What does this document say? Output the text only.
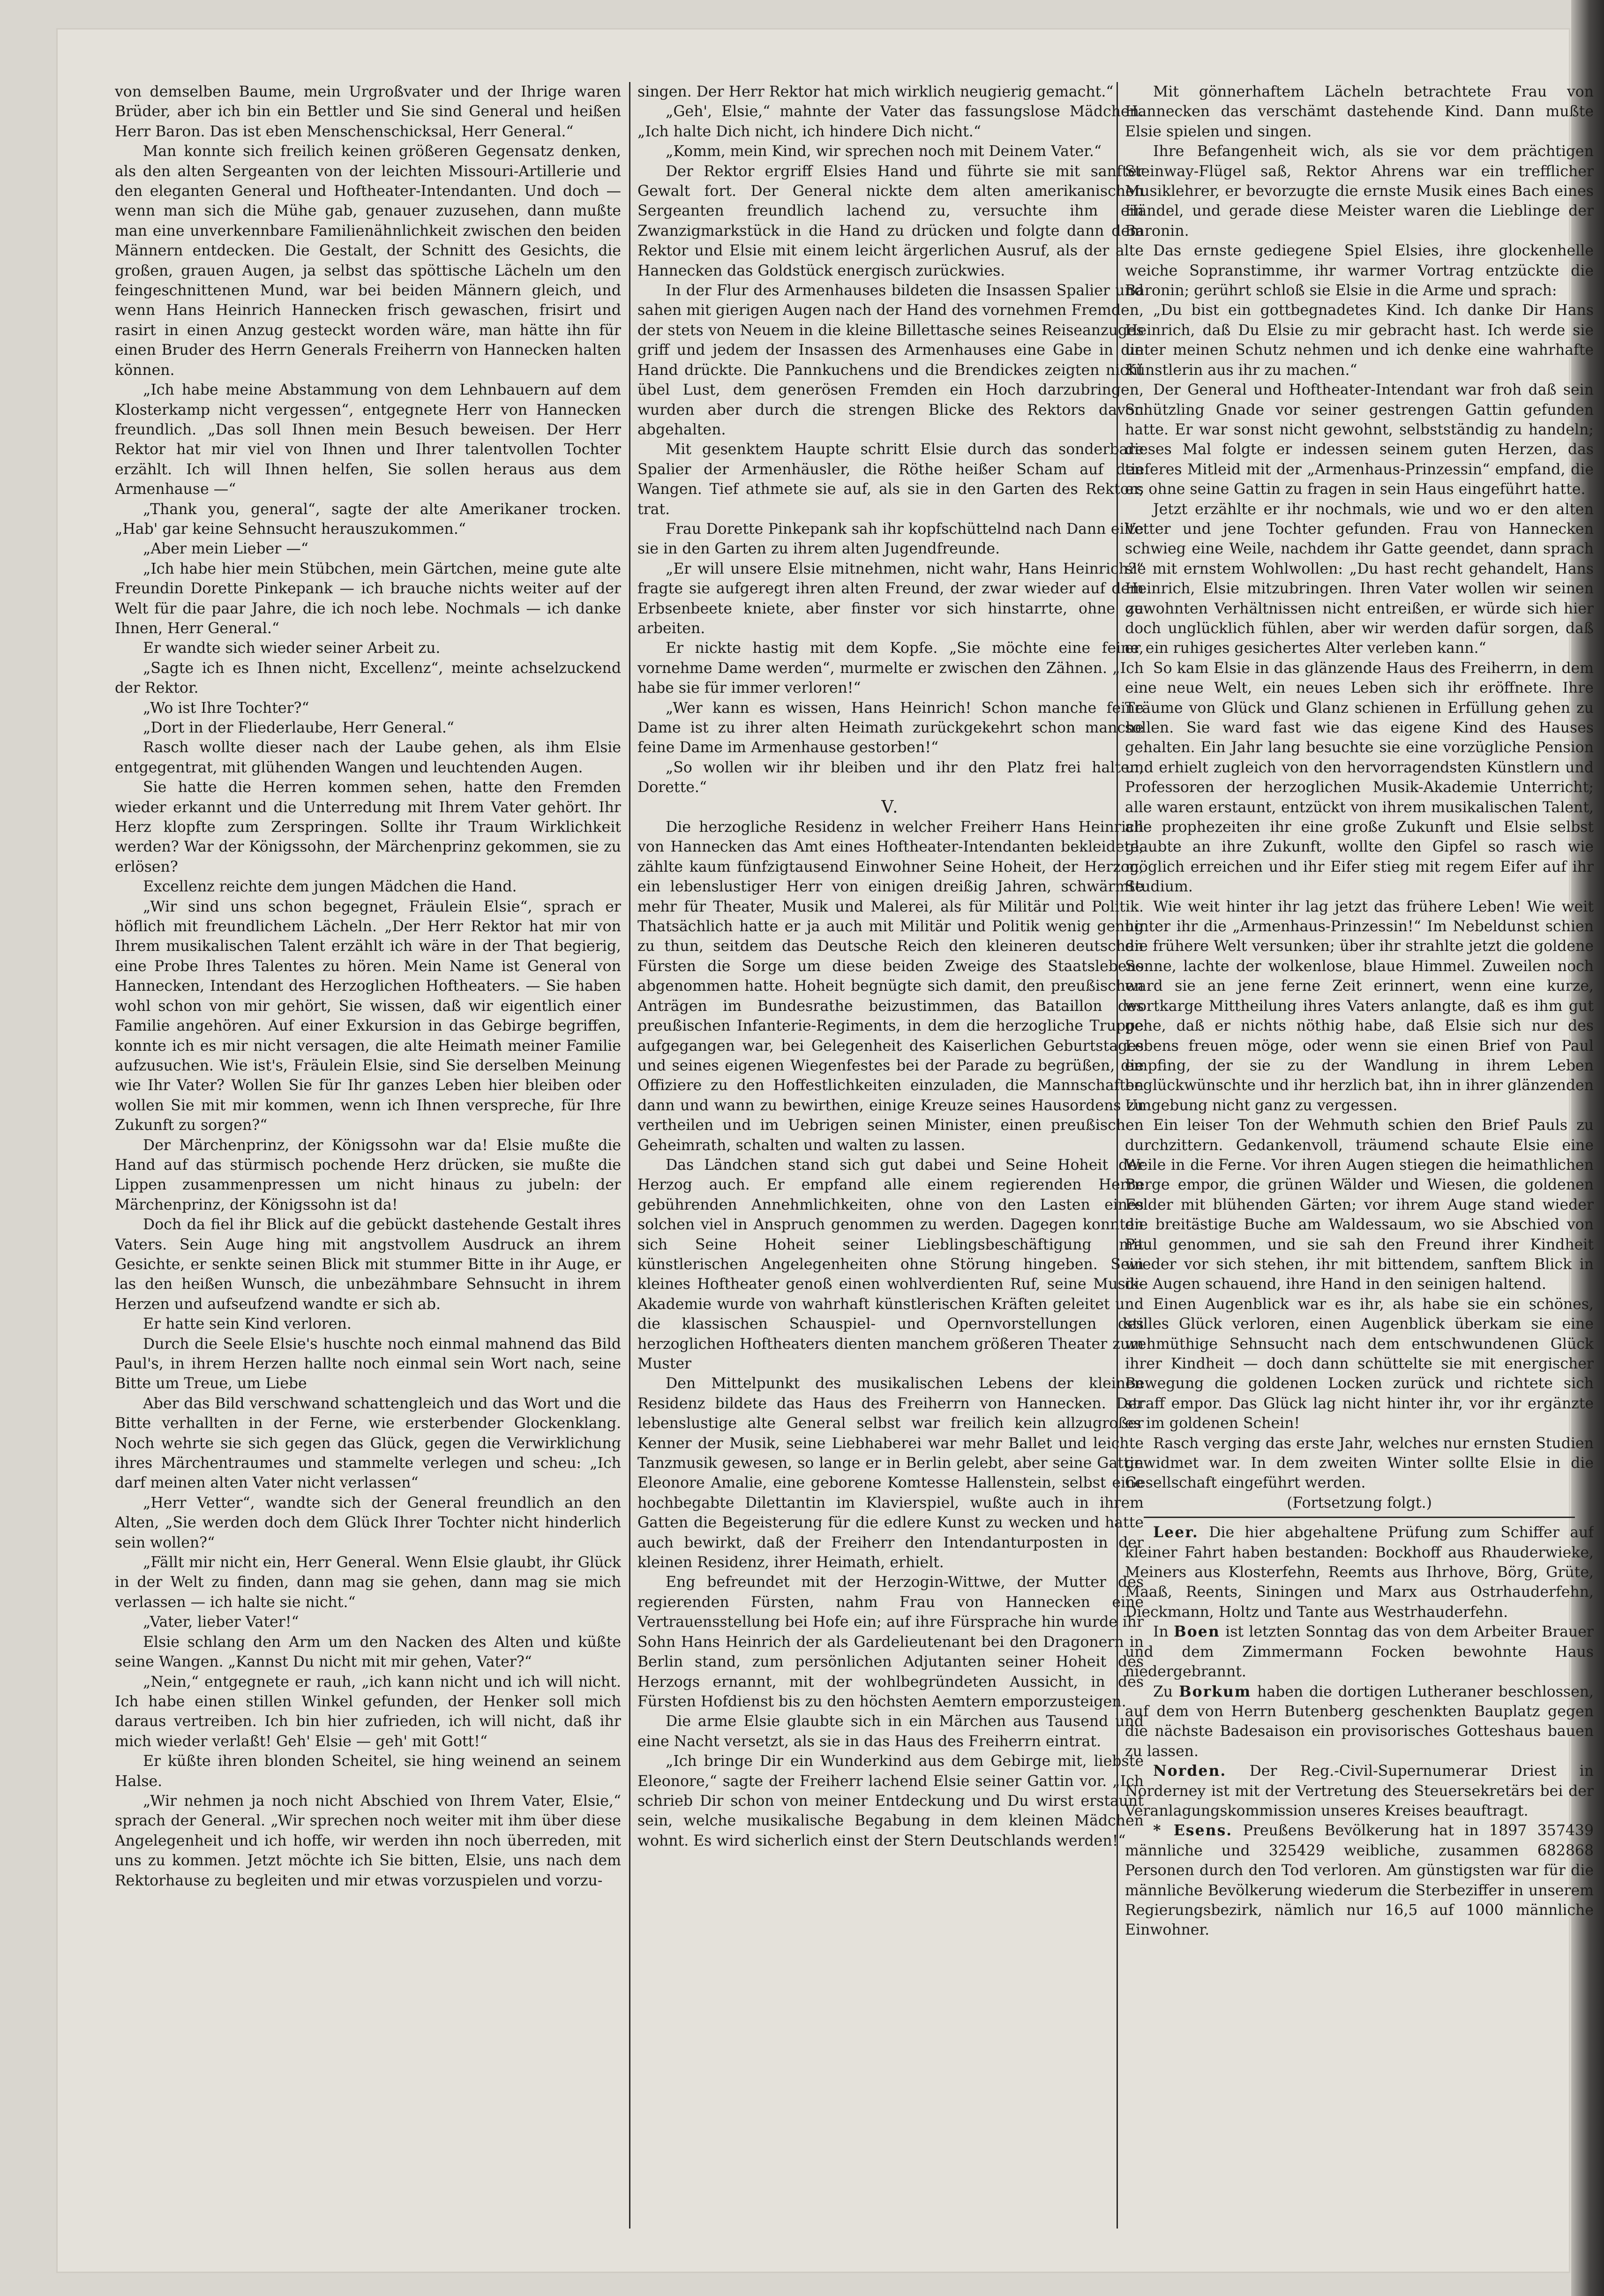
von demselben Baume, mein Urgroßvater und der Ihrige waren Brüder, aber ich bin ein Bettler und Sie sind General und heißen Herr Baron. Das ist eben Menschenschicksal, Herr General.“

Man konnte sich freilich keinen größeren Gegensatz denken, als den alten Sergeanten von der leichten Missouri-Artillerie und den eleganten General und Hoftheater-Intendanten. Und doch — wenn man sich die Mühe gab, genauer zuzusehen, dann mußte man eine unverkennbare Familienähnlichkeit zwischen den beiden Männern entdecken. Die Gestalt, der Schnitt des Gesichts, die großen, grauen Augen, ja selbst das spöttische Lächeln um den feingeschnittenen Mund, war bei beiden Männern gleich, und wenn Hans Heinrich Hannecken frisch gewaschen, frisirt und rasirt in einen Anzug gesteckt worden wäre, man hätte ihn für einen Bruder des Herrn Generals Freiherrn von Hannecken halten können.

„Ich habe meine Abstammung von dem Lehnbauern auf dem Klosterkamp nicht vergessen“, entgegnete Herr von Hannecken freundlich. „Das soll Ihnen mein Besuch beweisen. Der Herr Rektor hat mir viel von Ihnen und Ihrer talentvollen Tochter erzählt. Ich will Ihnen helfen, Sie sollen heraus aus dem Armenhause —“

„Thank you, general“, sagte der alte Amerikaner trocken. „Hab' gar keine Sehnsucht herauszukommen.“

„Aber mein Lieber —“

„Ich habe hier mein Stübchen, mein Gärtchen, meine gute alte Freundin Dorette Pinkepank — ich brauche nichts weiter auf der Welt für die paar Jahre, die ich noch lebe. Nochmals — ich danke Ihnen, Herr General.“

Er wandte sich wieder seiner Arbeit zu.

„Sagte ich es Ihnen nicht, Excellenz“, meinte achselzuckend der Rektor.

„Wo ist Ihre Tochter?“

„Dort in der Fliederlaube, Herr General.“

Rasch wollte dieser nach der Laube gehen, als ihm Elsie entgegentrat, mit glühenden Wangen und leuchtenden Augen.

Sie hatte die Herren kommen sehen, hatte den Fremden wieder erkannt und die Unterredung mit Ihrem Vater gehört. Ihr Herz klopfte zum Zerspringen. Sollte ihr Traum Wirklichkeit werden? War der Königssohn, der Märchenprinz gekommen, sie zu erlösen?

Excellenz reichte dem jungen Mädchen die Hand.

„Wir sind uns schon begegnet, Fräulein Elsie“, sprach er höflich mit freundlichem Lächeln. „Der Herr Rektor hat mir von Ihrem musikalischen Talent erzählt ich wäre in der That begierig, eine Probe Ihres Talentes zu hören. Mein Name ist General von Hannecken, Intendant des Herzoglichen Hoftheaters. — Sie haben wohl schon von mir gehört, Sie wissen, daß wir eigentlich einer Familie angehören. Auf einer Exkursion in das Gebirge begriffen, konnte ich es mir nicht versagen, die alte Heimath meiner Familie aufzusuchen. Wie ist's, Fräulein Elsie, sind Sie derselben Meinung wie Ihr Vater? Wollen Sie für Ihr ganzes Leben hier bleiben oder wollen Sie mit mir kommen, wenn ich Ihnen verspreche, für Ihre Zukunft zu sorgen?“

Der Märchenprinz, der Königssohn war da! Elsie mußte die Hand auf das stürmisch pochende Herz drücken, sie mußte die Lippen zusammenpressen um nicht hinaus zu jubeln: der Märchenprinz, der Königssohn ist da!

Doch da fiel ihr Blick auf die gebückt dastehende Gestalt ihres Vaters. Sein Auge hing mit angstvollem Ausdruck an ihrem Gesichte, er senkte seinen Blick mit stummer Bitte in ihr Auge, er las den heißen Wunsch, die unbezähmbare Sehnsucht in ihrem Herzen und aufseufzend wandte er sich ab.

Er hatte sein Kind verloren.

Durch die Seele Elsie's huschte noch einmal mahnend das Bild Paul's, in ihrem Herzen hallte noch einmal sein Wort nach, seine Bitte um Treue, um Liebe

Aber das Bild verschwand schattengleich und das Wort und die Bitte verhallten in der Ferne, wie ersterbender Glockenklang. Noch wehrte sie sich gegen das Glück, gegen die Verwirklichung ihres Märchentraumes und stammelte verlegen und scheu: „Ich darf meinen alten Vater nicht verlassen“

„Herr Vetter“, wandte sich der General freundlich an den Alten, „Sie werden doch dem Glück Ihrer Tochter nicht hinderlich sein wollen?“

„Fällt mir nicht ein, Herr General. Wenn Elsie glaubt, ihr Glück in der Welt zu finden, dann mag sie gehen, dann mag sie mich verlassen — ich halte sie nicht.“

„Vater, lieber Vater!“

Elsie schlang den Arm um den Nacken des Alten und küßte seine Wangen. „Kannst Du nicht mit mir gehen, Vater?“

„Nein,“ entgegnete er rauh, „ich kann nicht und ich will nicht. Ich habe einen stillen Winkel gefunden, der Henker soll mich daraus vertreiben. Ich bin hier zufrieden, ich will nicht, daß ihr mich wieder verlaßt! Geh' Elsie — geh' mit Gott!“

Er küßte ihren blonden Scheitel, sie hing weinend an seinem Halse.

„Wir nehmen ja noch nicht Abschied von Ihrem Vater, Elsie,“ sprach der General. „Wir sprechen noch weiter mit ihm über diese Angelegenheit und ich hoffe, wir werden ihn noch überreden, mit uns zu kommen. Jetzt möchte ich Sie bitten, Elsie, uns nach dem Rektorhause zu begleiten und mir etwas vorzuspielen und vorzu-

singen. Der Herr Rektor hat mich wirklich neugierig gemacht.“

„Geh', Elsie,“ mahnte der Vater das fassungslose Mädchen. „Ich halte Dich nicht, ich hindere Dich nicht.“

„Komm, mein Kind, wir sprechen noch mit Deinem Vater.“

Der Rektor ergriff Elsies Hand und führte sie mit sanfter Gewalt fort. Der General nickte dem alten amerikanischen Sergeanten freundlich lachend zu, versuchte ihm ein Zwanzigmarkstück in die Hand zu drücken und folgte dann dem Rektor und Elsie mit einem leicht ärgerlichen Ausruf, als der alte Hannecken das Goldstück energisch zurückwies.

In der Flur des Armenhauses bildeten die Insassen Spalier und sahen mit gierigen Augen nach der Hand des vornehmen Fremden, der stets von Neuem in die kleine Billettasche seines Reiseanzuges griff und jedem der Insassen des Armenhauses eine Gabe in die Hand drückte. Die Pannkuchens und die Brendickes zeigten nicht übel Lust, dem generösen Fremden ein Hoch darzubringen, wurden aber durch die strengen Blicke des Rektors davon abgehalten.

Mit gesenktem Haupte schritt Elsie durch das sonderbare Spalier der Armenhäusler, die Röthe heißer Scham auf den Wangen. Tief athmete sie auf, als sie in den Garten des Rektors trat.

Frau Dorette Pinkepank sah ihr kopfschüttelnd nach Dann eilte sie in den Garten zu ihrem alten Jugendfreunde.

„Er will unsere Elsie mitnehmen, nicht wahr, Hans Heinrich?“ fragte sie aufgeregt ihren alten Freund, der zwar wieder auf dem Erbsenbeete kniete, aber finster vor sich hinstarrte, ohne zu arbeiten.

Er nickte hastig mit dem Kopfe. „Sie möchte eine feine, vornehme Dame werden“, murmelte er zwischen den Zähnen. „Ich habe sie für immer verloren!“

„Wer kann es wissen, Hans Heinrich! Schon manche feine Dame ist zu ihrer alten Heimath zurückgekehrt schon manche feine Dame im Armenhause gestorben!“

„So wollen wir ihr bleiben und ihr den Platz frei halten, Dorette.“

V.

Die herzogliche Residenz in welcher Freiherr Hans Heinrich von Hannecken das Amt eines Hoftheater-Intendanten bekleidete, zählte kaum fünfzigtausend Einwohner Seine Hoheit, der Herzog, ein lebenslustiger Herr von einigen dreißig Jahren, schwärmte mehr für Theater, Musik und Malerei, als für Militär und Politik. Thatsächlich hatte er ja auch mit Militär und Politik wenig genug zu thun, seitdem das Deutsche Reich den kleineren deutschen Fürsten die Sorge um diese beiden Zweige des Staatslebens abgenommen hatte. Hoheit begnügte sich damit, den preußischen Anträgen im Bundesrathe beizustimmen, das Bataillon des preußischen Infanterie-Regiments, in dem die herzogliche Truppe aufgegangen war, bei Gelegenheit des Kaiserlichen Geburtstages und seines eigenen Wiegenfestes bei der Parade zu begrüßen, die Offiziere zu den Hoffestlichkeiten einzuladen, die Mannschaften dann und wann zu bewirthen, einige Kreuze seines Hausordens zu vertheilen und im Uebrigen seinen Minister, einen preußischen Geheimrath, schalten und walten zu lassen.

Das Ländchen stand sich gut dabei und Seine Hoheit der Herzog auch. Er empfand alle einem regierenden Herrn gebührenden Annehmlichkeiten, ohne von den Lasten eines solchen viel in Anspruch genommen zu werden. Dagegen konnten sich Seine Hoheit seiner Lieblingsbeschäftigung mit künstlerischen Angelegenheiten ohne Störung hingeben. Sein kleines Hoftheater genoß einen wohlverdienten Ruf, seine Musik-Akademie wurde von wahrhaft künstlerischen Kräften geleitet und die klassischen Schauspiel- und Opernvorstellungen des herzoglichen Hoftheaters dienten manchem größeren Theater zum Muster

Den Mittelpunkt des musikalischen Lebens der kleinen Residenz bildete das Haus des Freiherrn von Hannecken. Der lebenslustige alte General selbst war freilich kein allzugroßer Kenner der Musik, seine Liebhaberei war mehr Ballet und leichte Tanzmusik gewesen, so lange er in Berlin gelebt, aber seine Gattin Eleonore Amalie, eine geborene Komtesse Hallenstein, selbst eine hochbegabte Dilettantin im Klavierspiel, wußte auch in ihrem Gatten die Begeisterung für die edlere Kunst zu wecken und hatte auch bewirkt, daß der Freiherr den Intendanturposten in der kleinen Residenz, ihrer Heimath, erhielt.

Eng befreundet mit der Herzogin-Wittwe, der Mutter des regierenden Fürsten, nahm Frau von Hannecken eine Vertrauensstellung bei Hofe ein; auf ihre Fürsprache hin wurde ihr Sohn Hans Heinrich der als Gardelieutenant bei den Dragonern in Berlin stand, zum persönlichen Adjutanten seiner Hoheit des Herzogs ernannt, mit der wohlbegründeten Aussicht, in des Fürsten Hofdienst bis zu den höchsten Aemtern emporzusteigen.

Die arme Elsie glaubte sich in ein Märchen aus Tausend und eine Nacht versetzt, als sie in das Haus des Freiherrn eintrat.

„Ich bringe Dir ein Wunderkind aus dem Gebirge mit, liebste Eleonore,“ sagte der Freiherr lachend Elsie seiner Gattin vor. „Ich schrieb Dir schon von meiner Entdeckung und Du wirst erstaunt sein, welche musikalische Begabung in dem kleinen Mädchen wohnt. Es wird sicherlich einst der Stern Deutschlands werden!“

Mit gönnerhaftem Lächeln betrachtete Frau von Hannecken das verschämt dastehende Kind. Dann mußte Elsie spielen und singen.

Ihre Befangenheit wich, als sie vor dem prächtigen Steinway-Flügel saß, Rektor Ahrens war ein trefflicher Musiklehrer, er bevorzugte die ernste Musik eines Bach eines Händel, und gerade diese Meister waren die Lieblinge der Baronin.

Das ernste gediegene Spiel Elsies, ihre glockenhelle weiche Sopranstimme, ihr warmer Vortrag entzückte die Baronin; gerührt schloß sie Elsie in die Arme und sprach:

„Du bist ein gottbegnadetes Kind. Ich danke Dir Hans Heinrich, daß Du Elsie zu mir gebracht hast. Ich werde sie unter meinen Schutz nehmen und ich denke eine wahrhafte Künstlerin aus ihr zu machen.“

Der General und Hoftheater-Intendant war froh daß sein Schützling Gnade vor seiner gestrengen Gattin gefunden hatte. Er war sonst nicht gewohnt, selbstständig zu handeln; dieses Mal folgte er indessen seinem guten Herzen, das tieferes Mitleid mit der „Armenhaus-Prinzessin“ empfand, die er, ohne seine Gattin zu fragen in sein Haus eingeführt hatte.

Jetzt erzählte er ihr nochmals, wie und wo er den alten Vetter und jene Tochter gefunden. Frau von Hannecken schwieg eine Weile, nachdem ihr Gatte geendet, dann sprach sie mit ernstem Wohlwollen: „Du hast recht gehandelt, Hans Heinrich, Elsie mitzubringen. Ihren Vater wollen wir seinen gewohnten Verhältnissen nicht entreißen, er würde sich hier doch unglücklich fühlen, aber wir werden dafür sorgen, daß er ein ruhiges gesichertes Alter verleben kann.“

So kam Elsie in das glänzende Haus des Freiherrn, in dem eine neue Welt, ein neues Leben sich ihr eröffnete. Ihre Träume von Glück und Glanz schienen in Erfüllung gehen zu sollen. Sie ward fast wie das eigene Kind des Hauses gehalten. Ein Jahr lang besuchte sie eine vorzügliche Pension und erhielt zugleich von den hervorragendsten Künstlern und Professoren der herzoglichen Musik-Akademie Unterricht; alle waren erstaunt, entzückt von ihrem musikalischen Talent, alle prophezeiten ihr eine große Zukunft und Elsie selbst glaubte an ihre Zukunft, wollte den Gipfel so rasch wie möglich erreichen und ihr Eifer stieg mit regem Eifer auf ihr Studium.

Wie weit hinter ihr lag jetzt das frühere Leben! Wie weit hinter ihr die „Armenhaus-Prinzessin!“ Im Nebeldunst schien die frühere Welt versunken; über ihr strahlte jetzt die goldene Sonne, lachte der wolkenlose, blaue Himmel. Zuweilen noch ward sie an jene ferne Zeit erinnert, wenn eine kurze, wortkarge Mittheilung ihres Vaters anlangte, daß es ihm gut gehe, daß er nichts nöthig habe, daß Elsie sich nur des Lebens freuen möge, oder wenn sie einen Brief von Paul empfing, der sie zu der Wandlung in ihrem Leben beglückwünschte und ihr herzlich bat, ihn in ihrer glänzenden Umgebung nicht ganz zu vergessen.

Ein leiser Ton der Wehmuth schien den Brief Pauls zu durchzittern. Gedankenvoll, träumend schaute Elsie eine Weile in die Ferne. Vor ihren Augen stiegen die heimathlichen Berge empor, die grünen Wälder und Wiesen, die goldenen Felder mit blühenden Gärten; vor ihrem Auge stand wieder die breitästige Buche am Waldessaum, wo sie Abschied von Paul genommen, und sie sah den Freund ihrer Kindheit wieder vor sich stehen, ihr mit bittendem, sanftem Blick in die Augen schauend, ihre Hand in den seinigen haltend.

Einen Augenblick war es ihr, als habe sie ein schönes, stilles Glück verloren, einen Augenblick überkam sie eine wehmüthige Sehnsucht nach dem entschwundenen Glück ihrer Kindheit — doch dann schüttelte sie mit energischer Bewegung die goldenen Locken zurück und richtete sich straff empor. Das Glück lag nicht hinter ihr, vor ihr ergänzte es im goldenen Schein!

Rasch verging das erste Jahr, welches nur ernsten Studien gewidmet war. In dem zweiten Winter sollte Elsie in die Gesellschaft eingeführt werden.

(Fortsetzung folgt.)

Leer. Die hier abgehaltene Prüfung zum Schiffer auf kleiner Fahrt haben bestanden: Bockhoff aus Rhauderwieke, Meiners aus Klosterfehn, Reemts aus Ihrhove, Börg, Grüte, Maaß, Reents, Siningen und Marx aus Ostrhauderfehn, Dieckmann, Holtz und Tante aus Westrhauderfehn.

In Boen ist letzten Sonntag das von dem Arbeiter Brauer und dem Zimmermann Focken bewohnte Haus niedergebrannt.

Zu Borkum haben die dortigen Lutheraner beschlossen, auf dem von Herrn Butenberg geschenkten Bauplatz gegen die nächste Badesaison ein provisorisches Gotteshaus bauen zu lassen.

Norden. Der Reg.-Civil-Supernumerar Driest in Norderney ist mit der Vertretung des Steuersekretärs bei der Veranlagungskommission unseres Kreises beauftragt.

* Esens. Preußens Bevölkerung hat in 1897 357439 männliche und 325429 weibliche, zusammen 682868 Personen durch den Tod verloren. Am günstigsten war für die männliche Bevölkerung wiederum die Sterbeziffer in unserem Regierungsbezirk, nämlich nur 16,5 auf 1000 männliche Einwohner.
